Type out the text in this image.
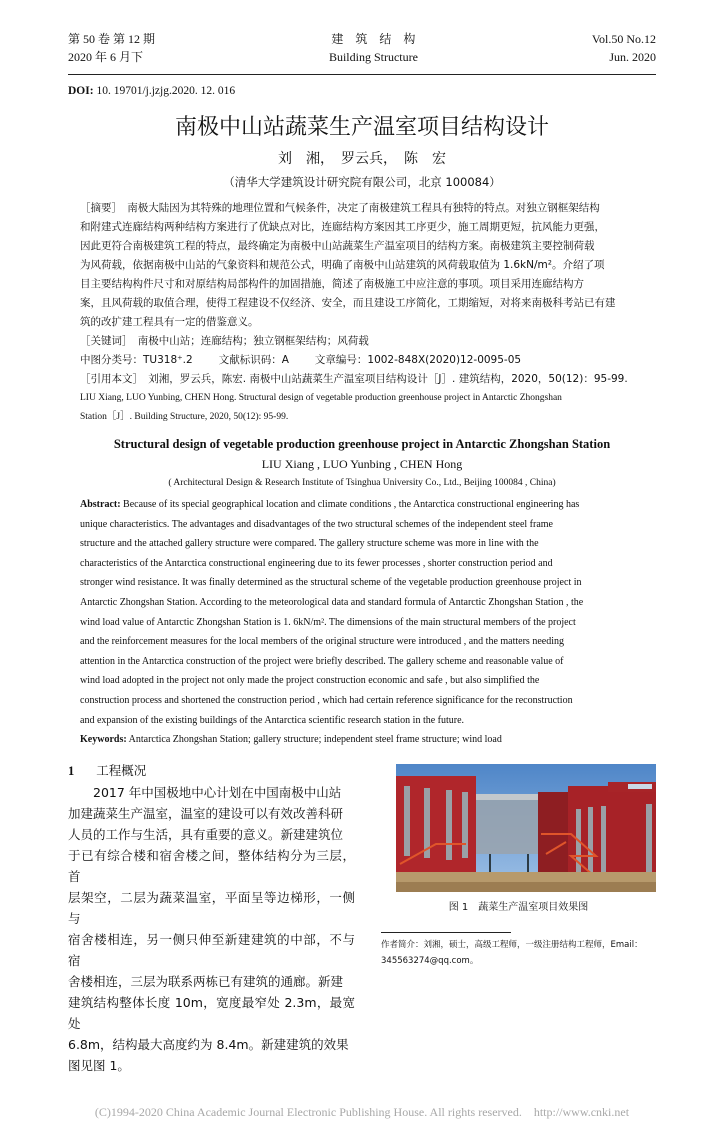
第 50 卷 第 12 期
2020 年 6 月下
建　筑　结　构
Building Structure
Vol.50 No.12
Jun. 2020
DOI: 10. 19701/j.jzjg.2020. 12. 016
南极中山站蔬菜生产温室项目结构设计
刘　湘，　罗云兵，　陈　宏
（清华大学建筑设计研究院有限公司，北京 100084）
［摘要］　 南极大陆因为其特殊的地理位置和气候条件，决定了南极建筑工程具有独特的特点。对独立钢框架结构
和附建式连廊结构两种结构方案进行了优缺点对比，连廊结构方案因其工序更少，施工周期更短，抗风能力更强，
因此更符合南极建筑工程的特点，最终确定为南极中山站蔬菜生产温室项目的结构方案。南极建筑主要控制荷载
为风荷载，依据南极中山站的气象资料和规范公式，明确了南极中山站建筑的风荷载取值为 1.6kN/m²。介绍了项
目主要结构构件尺寸和对原结构局部构件的加固措施，简述了南极施工中应注意的事项。项目采用连廊结构方
案，且风荷载的取值合理，使得工程建设不仅经济、安全，而且建设工序简化，工期缩短，对将来南极科考站已有建
筑的改扩建工程具有一定的借鉴意义。
［关键词］　 南极中山站；连廊结构；独立钢框架结构；风荷载
中图分类号：TU318⁺.2 文献标识码：A 文章编号：1002-848X(2020)12-0095-05
［引用本文］　 刘湘，罗云兵，陈宏. 南极中山站蔬菜生产温室项目结构设计［J］. 建筑结构，2020，50(12)：95-99.
LIU Xiang, LUO Yunbing, CHEN Hong. Structural design of vegetable production greenhouse project in Antarctic Zhongshan
Station［J］. Building Structure, 2020, 50(12): 95-99.
Structural design of vegetable production greenhouse project in Antarctic Zhongshan Station
LIU Xiang , LUO Yunbing , CHEN Hong
( Architectural Design & Research Institute of Tsinghua University Co., Ltd., Beijing 100084 , China)
Abstract: Because of its special geographical location and climate conditions , the Antarctica constructional engineering has
unique characteristics. The advantages and disadvantages of the two structural schemes of the independent steel frame
structure and the attached gallery structure were compared. The gallery structure scheme was more in line with the
characteristics of the Antarctica constructional engineering due to its fewer processes , shorter construction period and
stronger wind resistance. It was finally determined as the structural scheme of the vegetable production greenhouse project in
Antarctic Zhongshan Station. According to the meteorological data and standard formula of Antarctic Zhongshan Station , the
wind load value of Antarctic Zhongshan Station is 1. 6kN/m². The dimensions of the main structural members of the project
and the reinforcement measures for the local members of the original structure were introduced , and the matters needing
attention in the Antarctica construction of the project were briefly described. The gallery scheme and reasonable value of
wind load adopted in the project not only made the project construction economic and safe , but also simplified the
construction process and shortened the construction period , which had certain reference significance for the reconstruction
and expansion of the existing buildings of the Antarctica scientific research station in the future.
Keywords: Antarctica Zhongshan Station; gallery structure; independent steel frame structure; wind load
1 工程概况
2017 年中国极地中心计划在中国南极中山站
加建蔬菜生产温室，温室的建设可以有效改善科研
人员的工作与生活，具有重要的意义。新建建筑位
于已有综合楼和宿舍楼之间，整体结构分为三层，首
层架空，二层为蔬菜温室，平面呈等边梯形，一侧与
宿舍楼相连，另一侧只伸至新建建筑的中部，不与宿
舍楼相连，三层为联系两栋已有建筑的通廊。新建
建筑结构整体长度 10m，宽度最窄处 2.3m，最宽处
6.8m，结构最大高度约为 8.4m。新建建筑的效果
图见图 1。
图 1　蔬菜生产温室项目效果图
作者简介：刘湘，硕士，高级工程师，一级注册结构工程师，Email：
345563274@qq.com。
(C)1994-2020 China Academic Journal Electronic Publishing House. All rights reserved.    http://www.cnki.net
